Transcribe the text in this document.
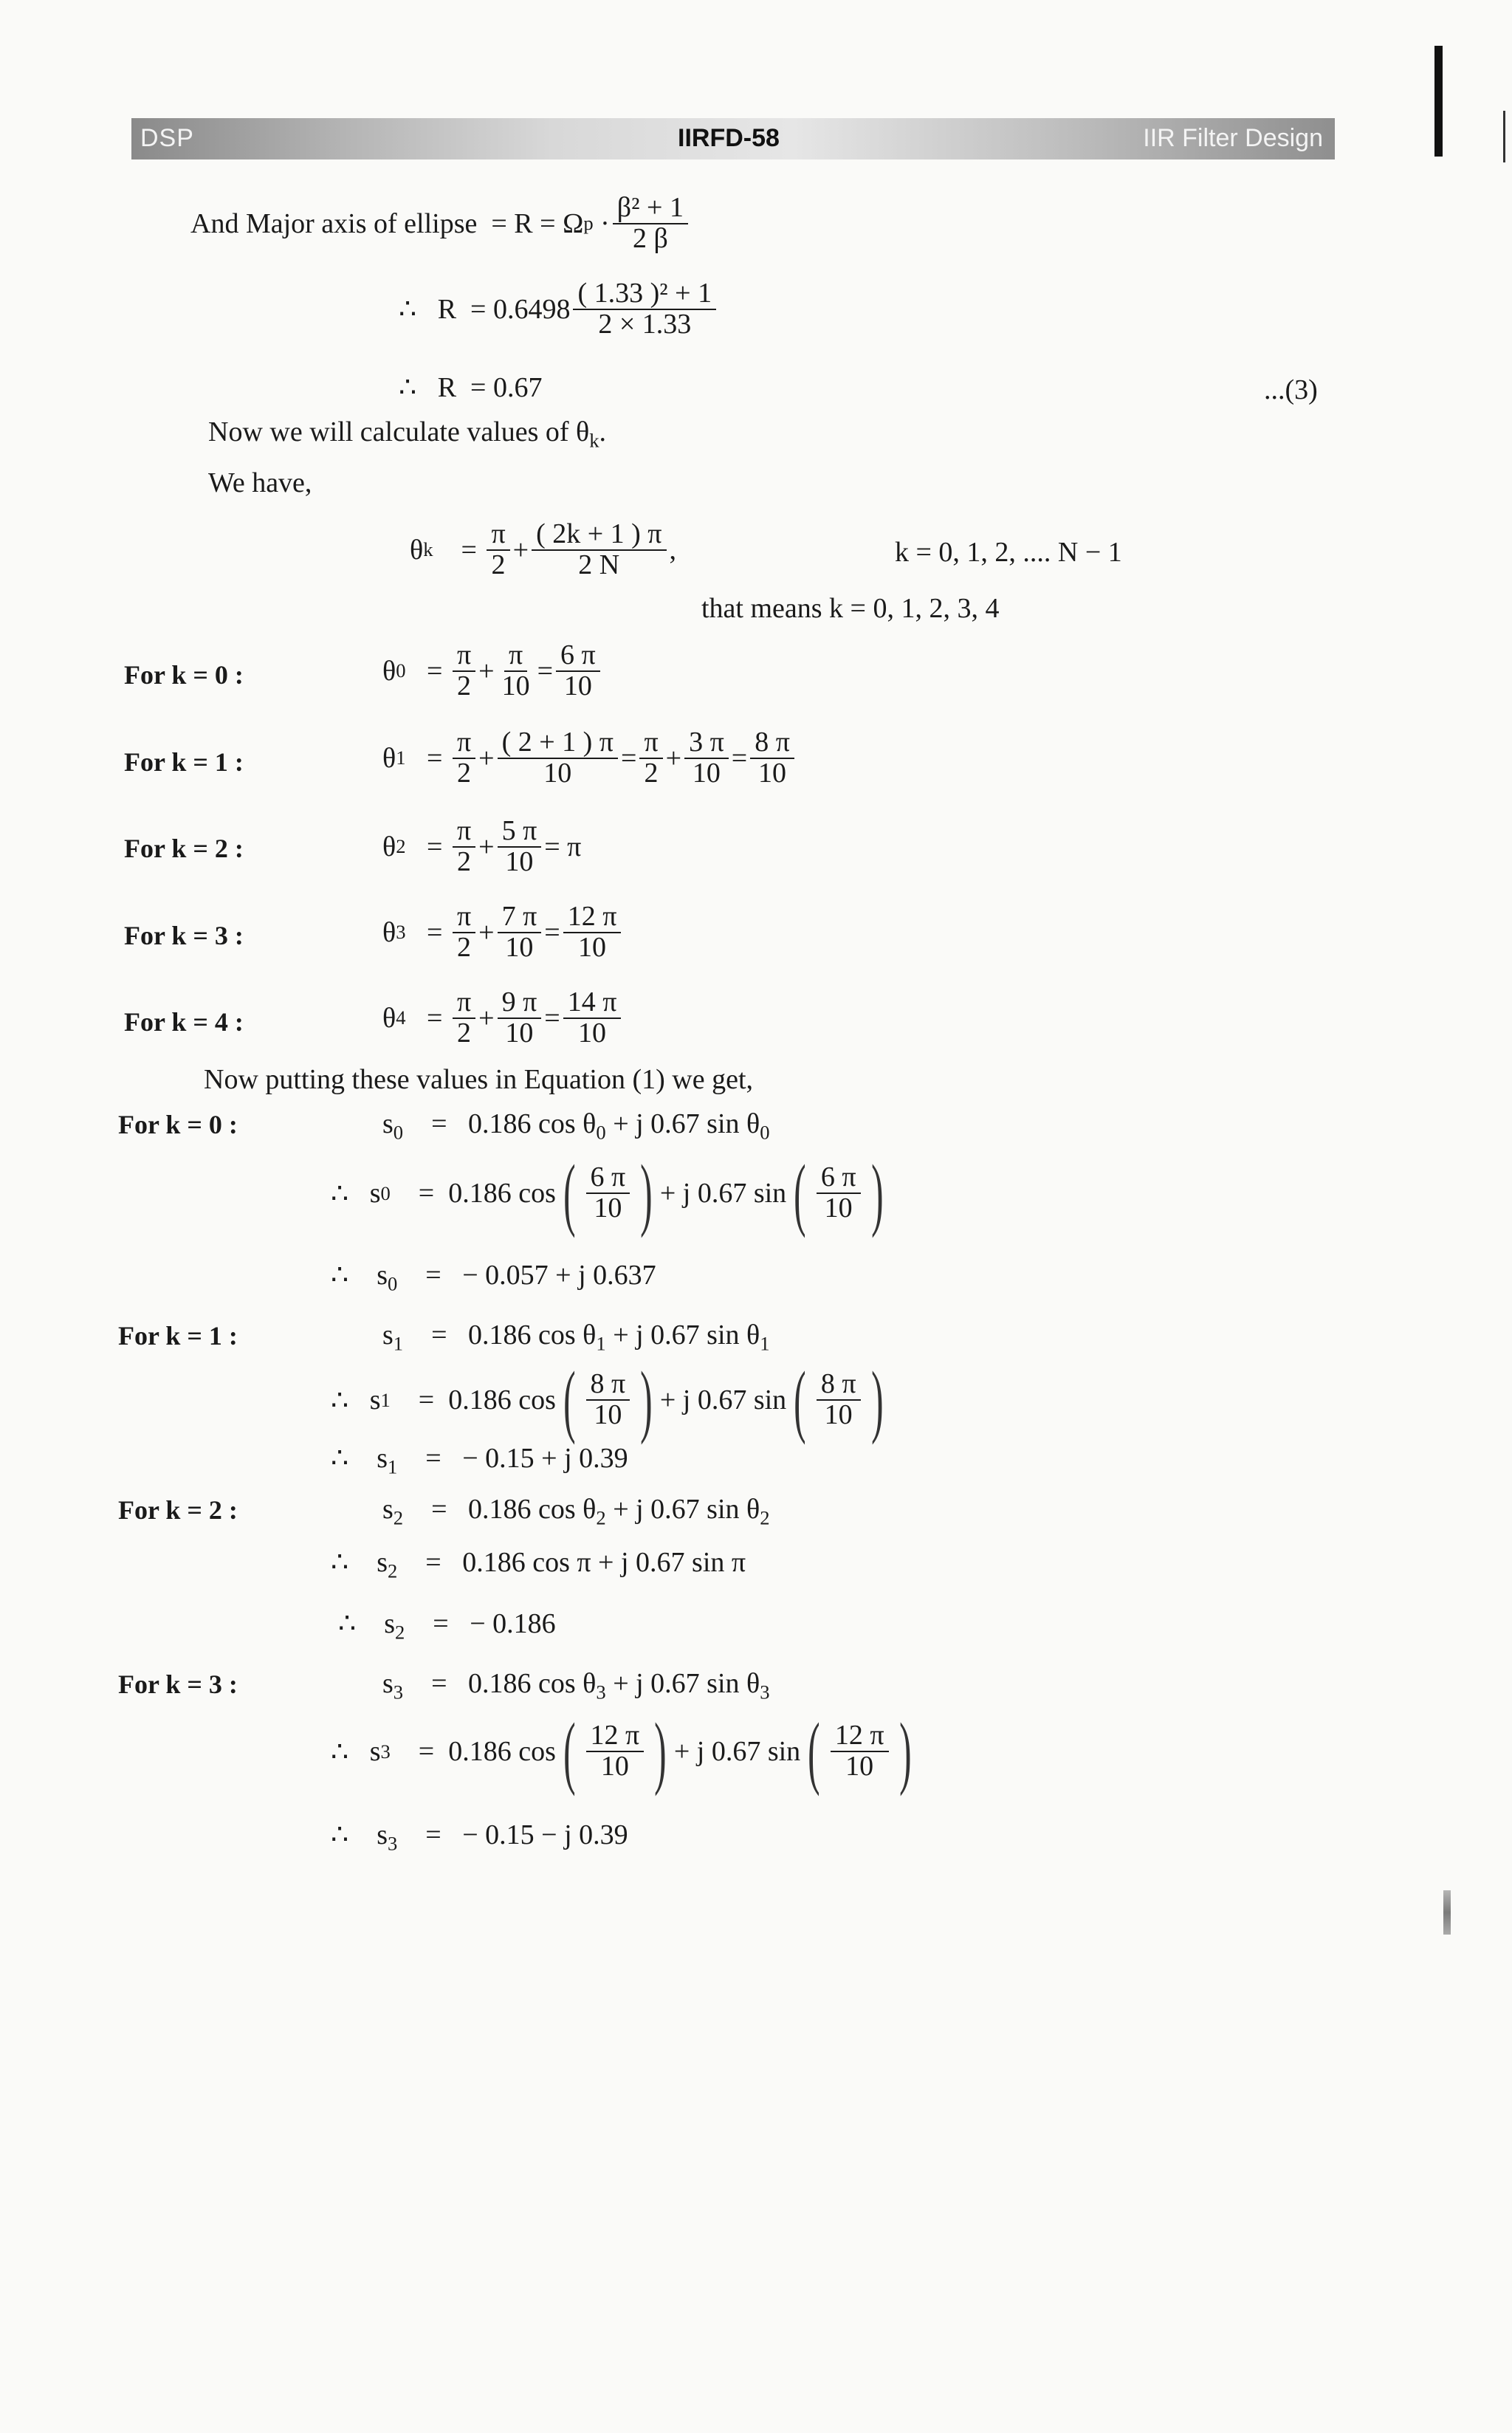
DSP	IIRFD-58	IIR Filter Design
And Major axis of ellipse
= R = Ω p
· $\frac{\text{β² + 1}}{2 \beta}$
∴
R
= $0.6498 \frac{\text{( 1.33 )² + 1}}{2 \times 1.33}$
∴
R
= 0.67	...(3)
Now we will calculate values of $\theta_k$.
We have,
θ k
=
$\frac{\pi}{2} + \frac{( 2k + 1 ) \pi}{2 N}$ ,	k = 0, 1, 2, .... N − 1
that means k = 0, 1, 2, 3, 4
For k = 0 :	θ $0 = \frac{\pi}{2} + \frac{\pi}{10} = \frac{6 \pi}{10}$
For k = 1 :	θ $1 = \frac{\pi}{2} + \frac{( 2 + 1 ) \pi}{10} = \frac{\pi}{2} + \frac{3 \pi}{10} = \frac{8 \pi}{10}$
For k = 2 :	θ $2 = \frac{\pi}{2} + \frac{5 \pi}{10} = \pi$
For k = 3 :	θ $3 = \frac{\pi}{2} + \frac{7 \pi}{10} = \frac{12 \pi}{10}$
For k = 4 :	θ $4 = \frac{\pi}{2} + \frac{9 \pi}{10} = \frac{14 \pi}{10}$
Now putting these values in Equation (1) we get,
For k = 0 :	$s_0 = 0.186$ $\cos \theta_0 + j$ 0.67 $\sin \theta_0$
∴
s 0
=
0.186 cos ( $\frac{6 \pi}{10}$ ) + j 0.67 sin ( $\frac{6 \pi}{10}$ )
∴ $s_0$ = − 0.057 + j 0.637
For k = 1 :	$s_1 = 0.186$ $\cos \theta_1 + j$ 0.67 $\sin \theta_1$
∴
s 1
=
0.186 cos ( $\frac{8 \pi}{10}$ ) + j 0.67 sin ( $\frac{8 \pi}{10}$ )
∴ $s_1$ = − 0.15 + j 0.39
For k = 2 :	$s_2 = 0.186$ $\cos \theta_2 + j$ 0.67 $\sin \theta_2$
∴ $s_2 = 0.186$ cos π + j 0.67 sin π
∴ $s_2$ = − 0.186
For k = 3 :	$s_3 = 0.186$ $\cos \theta_3 + j$ 0.67 $\sin \theta_3$
∴
s 3
=
0.186 cos ( $\frac{12 \pi}{10}$ ) + j 0.67 sin ( $\frac{12 \pi}{10}$ )
∴ $s_3$ = − 0.15 − j 0.39
